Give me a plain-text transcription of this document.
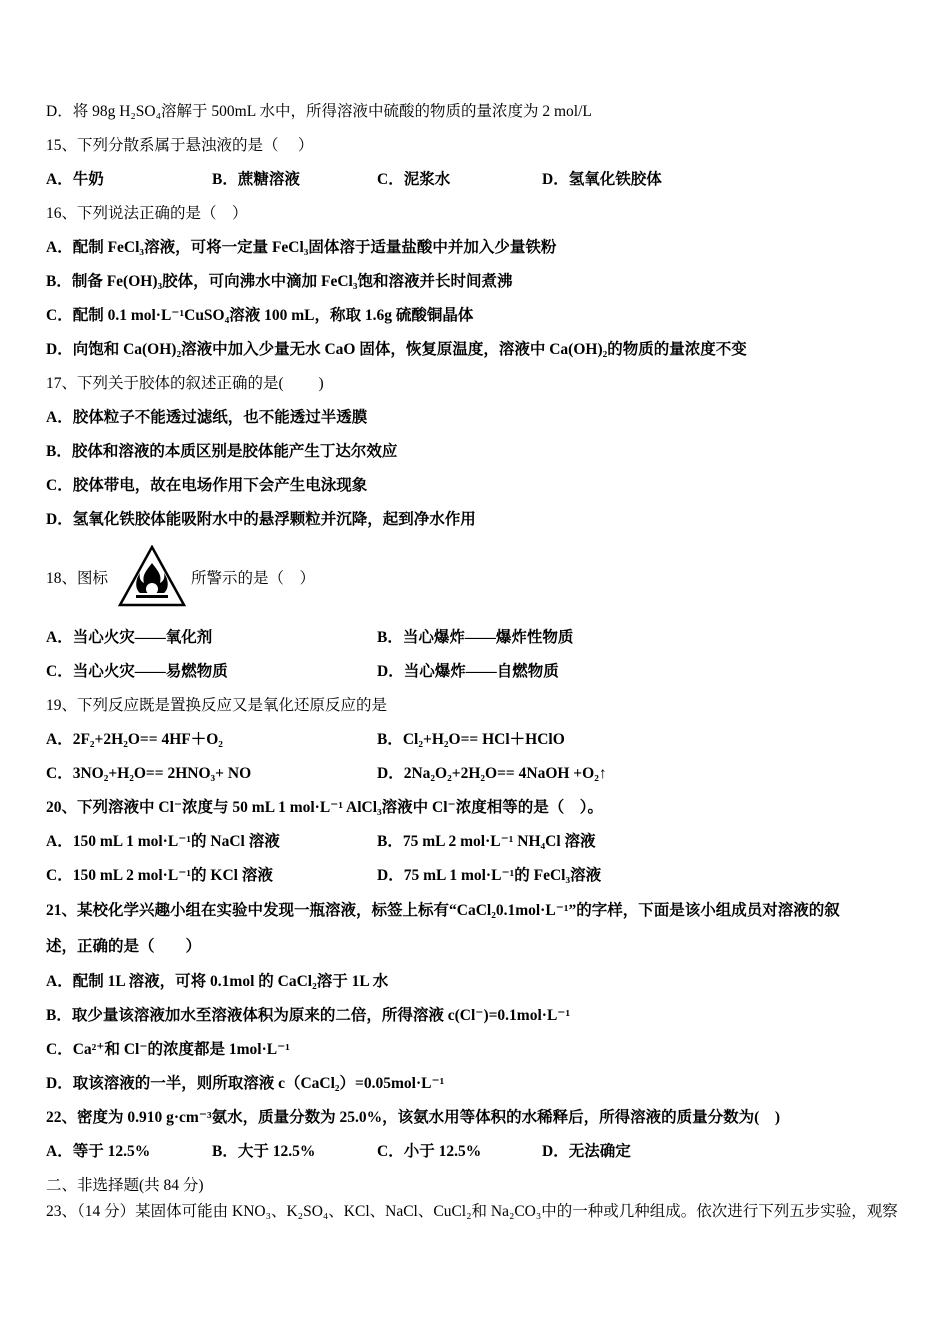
D．将 98g H₂SO₄溶解于 500mL 水中，所得溶液中硫酸的物质的量浓度为 2 mol/L
15、下列分散系属于悬浊液的是（　 ）
A．牛奶	B．蔗糖溶液	C．泥浆水	D．氢氧化铁胶体
16、下列说法正确的是（　）
A．配制 FeCl₃溶液，可将一定量 FeCl₃固体溶于适量盐酸中并加入少量铁粉
B．制备 Fe(OH)₃胶体，可向沸水中滴加 FeCl₃饱和溶液并长时间煮沸
C．配制 0.1 mol·L⁻¹CuSO₄溶液 100 mL，称取 1.6g 硫酸铜晶体
D．向饱和 Ca(OH)₂溶液中加入少量无水 CaO 固体，恢复原温度，溶液中 Ca(OH)₂的物质的量浓度不变
17、下列关于胶体的叙述正确的是(　　 )
A．胶体粒子不能透过滤纸，也不能透过半透膜
B．胶体和溶液的本质区别是胶体能产生丁达尔效应
C．胶体带电，故在电场作用下会产生电泳现象
D．氢氧化铁胶体能吸附水中的悬浮颗粒并沉降，起到净水作用
18、图标	所警示的是（　）
A．当心火灾——氧化剂	B．当心爆炸——爆炸性物质
C．当心火灾——易燃物质	D．当心爆炸——自燃物质
19、下列反应既是置换反应又是氧化还原反应的是
A．2F₂+2H₂O== 4HF＋O₂	B．Cl₂+H₂O== HCl＋HClO
C．3NO₂+H₂O== 2HNO₃+ NO	D．2Na₂O₂+2H₂O== 4NaOH +O₂↑
20、下列溶液中 Cl⁻浓度与 50 mL 1 mol·L⁻¹ AlCl₃溶液中 Cl⁻浓度相等的是（　）。
A．150 mL 1 mol·L⁻¹的 NaCl 溶液	B．75 mL 2 mol·L⁻¹ NH₄Cl 溶液
C．150 mL 2 mol·L⁻¹的 KCl 溶液	D．75 mL 1 mol·L⁻¹的 FeCl₃溶液
21、某校化学兴趣小组在实验中发现一瓶溶液，标签上标有“CaCl₂0.1mol·L⁻¹”的字样，下面是该小组成员对溶液的叙
述，正确的是（　　）
A．配制 1L 溶液，可将 0.1mol 的 CaCl₂溶于 1L 水
B．取少量该溶液加水至溶液体积为原来的二倍，所得溶液 c(Cl⁻)=0.1mol·L⁻¹
C．Ca²⁺和 Cl⁻的浓度都是 1mol·L⁻¹
D．取该溶液的一半，则所取溶液 c（CaCl₂）=0.05mol·L⁻¹
22、密度为 0.910 g·cm⁻³氨水，质量分数为 25.0%，该氨水用等体积的水稀释后，所得溶液的质量分数为(　)
A．等于 12.5%	B．大于 12.5%	C．小于 12.5%	D．无法确定
二、非选择题(共 84 分)
23、（14 分）某固体可能由 KNO₃、K₂SO₄、KCl、NaCl、CuCl₂和 Na₂CO₃中的一种或几种组成。依次进行下列五步实验，观察
